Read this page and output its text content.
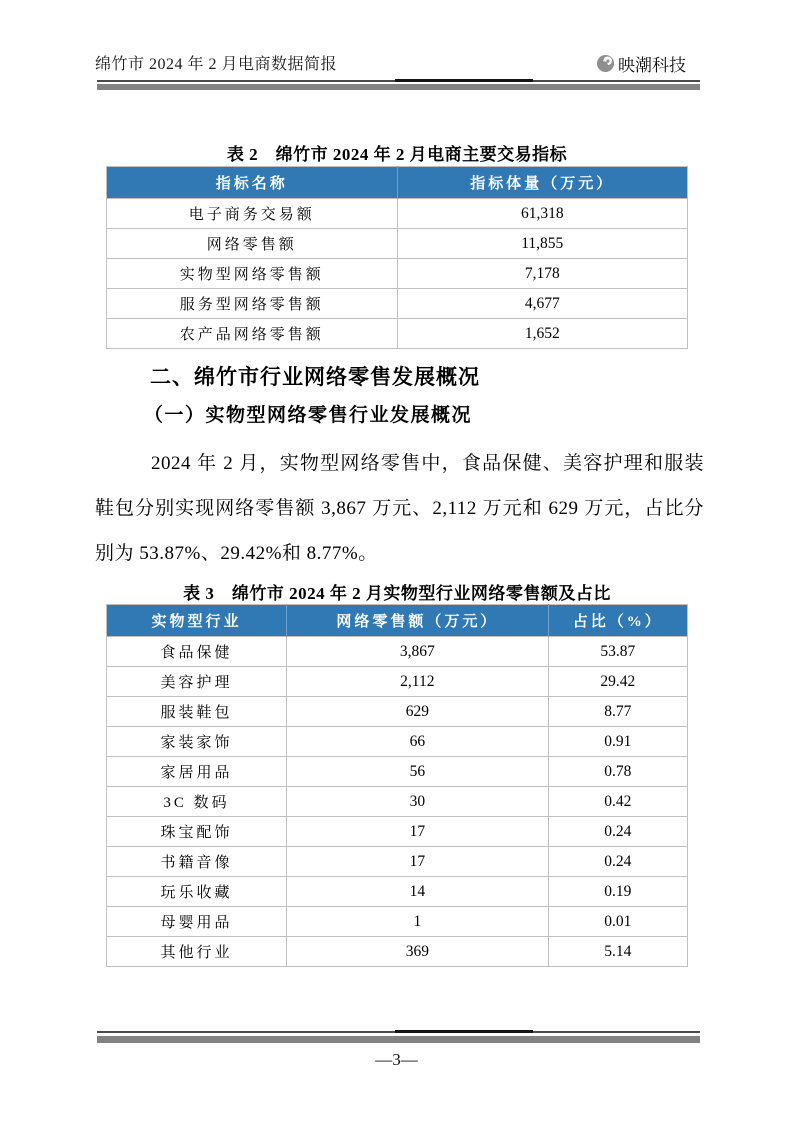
绵竹市 2024 年 2 月电商数据简报	映潮科技
表 2　绵竹市 2024 年 2 月电商主要交易指标
指标名称	指标体量（万元）
电子商务交易额	61,318
网络零售额	11,855
实物型网络零售额	7,178
服务型网络零售额	4,677
农产品网络零售额	1,652
二、绵竹市行业网络零售发展概况
（一）实物型网络零售行业发展概况
2024 年 2 月，实物型网络零售中，食品保健、美容护理和服装鞋包分别实现网络零售额 3,867 万元、2,112 万元和 629 万元，占比分别为 53.87%、29.42%和 8.77%。
表 3　绵竹市 2024 年 2 月实物型行业网络零售额及占比
实物型行业	网络零售额（万元）	占比（%）
食品保健	3,867	53.87
美容护理	2,112	29.42
服装鞋包	629	8.77
家装家饰	66	0.91
家居用品	56	0.78
3C 数码	30	0.42
珠宝配饰	17	0.24
书籍音像	17	0.24
玩乐收藏	14	0.19
母婴用品	1	0.01
其他行业	369	5.14
—3—
